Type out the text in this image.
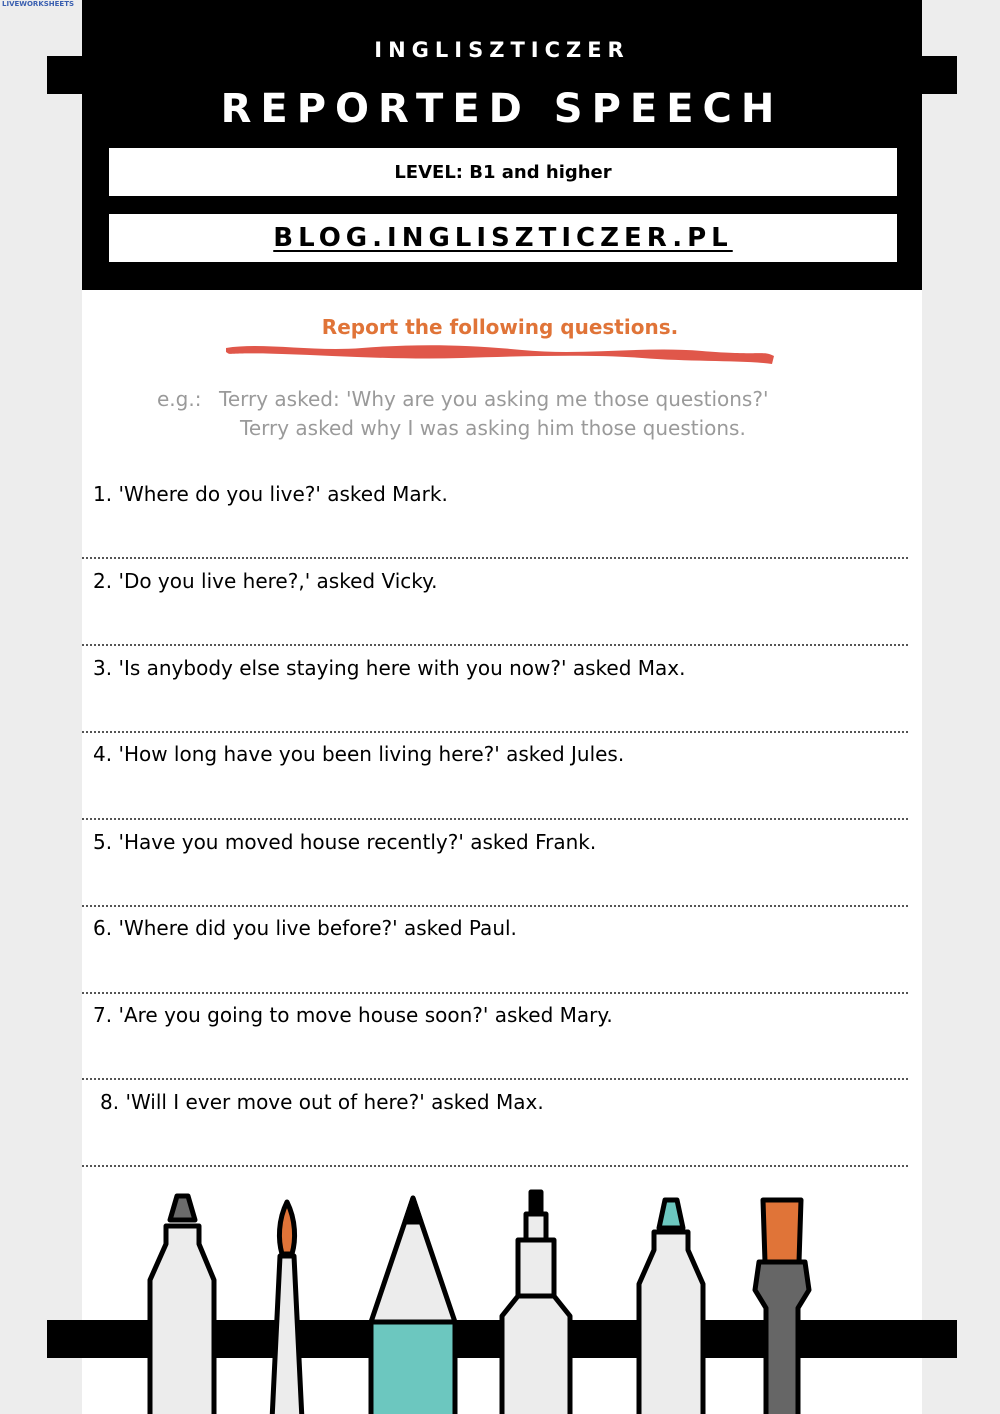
LIVEWORKSHEETS
INGLISZTICZER
REPORTED SPEECH
LEVEL: B1 and higher
BLOG.INGLISZTICZER.PL
Report the following questions.
e.g.: Terry asked: 'Why are you asking me those questions?'
Terry asked why I was asking him those questions.
1. 'Where do you live?' asked Mark.
2. 'Do you live here?,' asked Vicky.
3. 'Is anybody else staying here with you now?' asked Max.
4. 'How long have you been living here?' asked Jules.
5. 'Have you moved house recently?' asked Frank.
6. 'Where did you live before?' asked Paul.
7. 'Are you going to move house soon?' asked Mary.
8. 'Will I ever move out of here?' asked Max.
